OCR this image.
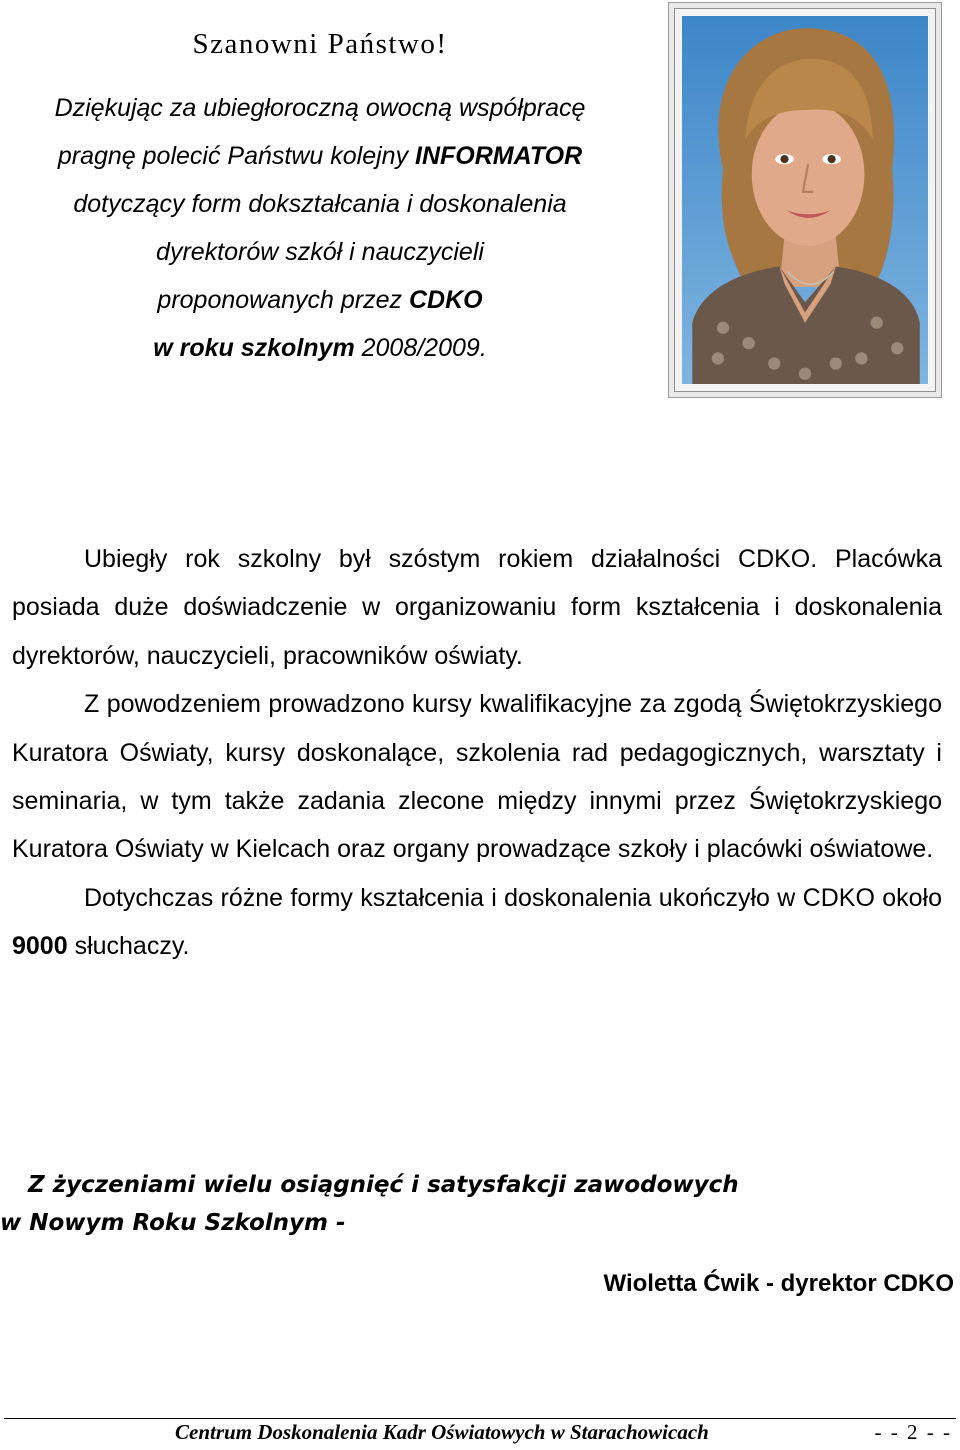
Szanowni Państwo!
Dziękując za ubiegłoroczną owocną współpracę
pragnę polecić Państwu kolejny INFORMATOR
dotyczący form dokształcania i doskonalenia
dyrektorów szkół i nauczycieli
proponowanych przez CDKO
w roku szkolnym 2008/2009.

Ubiegły rok szkolny był szóstym rokiem działalności CDKO. Placówka posiada duże doświadczenie w organizowaniu form kształcenia i doskonalenia dyrektorów, nauczycieli, pracowników oświaty.

Z powodzeniem prowadzono kursy kwalifikacyjne za zgodą Świętokrzyskiego Kuratora Oświaty, kursy doskonalące, szkolenia rad pedagogicznych, warsztaty i seminaria, w tym także zadania zlecone między innymi przez Świętokrzyskiego Kuratora Oświaty w Kielcach oraz organy prowadzące szkoły i placówki oświatowe.

Dotychczas różne formy kształcenia i doskonalenia ukończyło w CDKO około 9000 słuchaczy.

Z życzeniami wielu osiągnięć i satysfakcji zawodowych
w Nowym Roku Szkolnym -
Wioletta Ćwik - dyrektor CDKO
Centrum Doskonalenia Kadr Oświatowych w Starachowicach	- - 2 - -
